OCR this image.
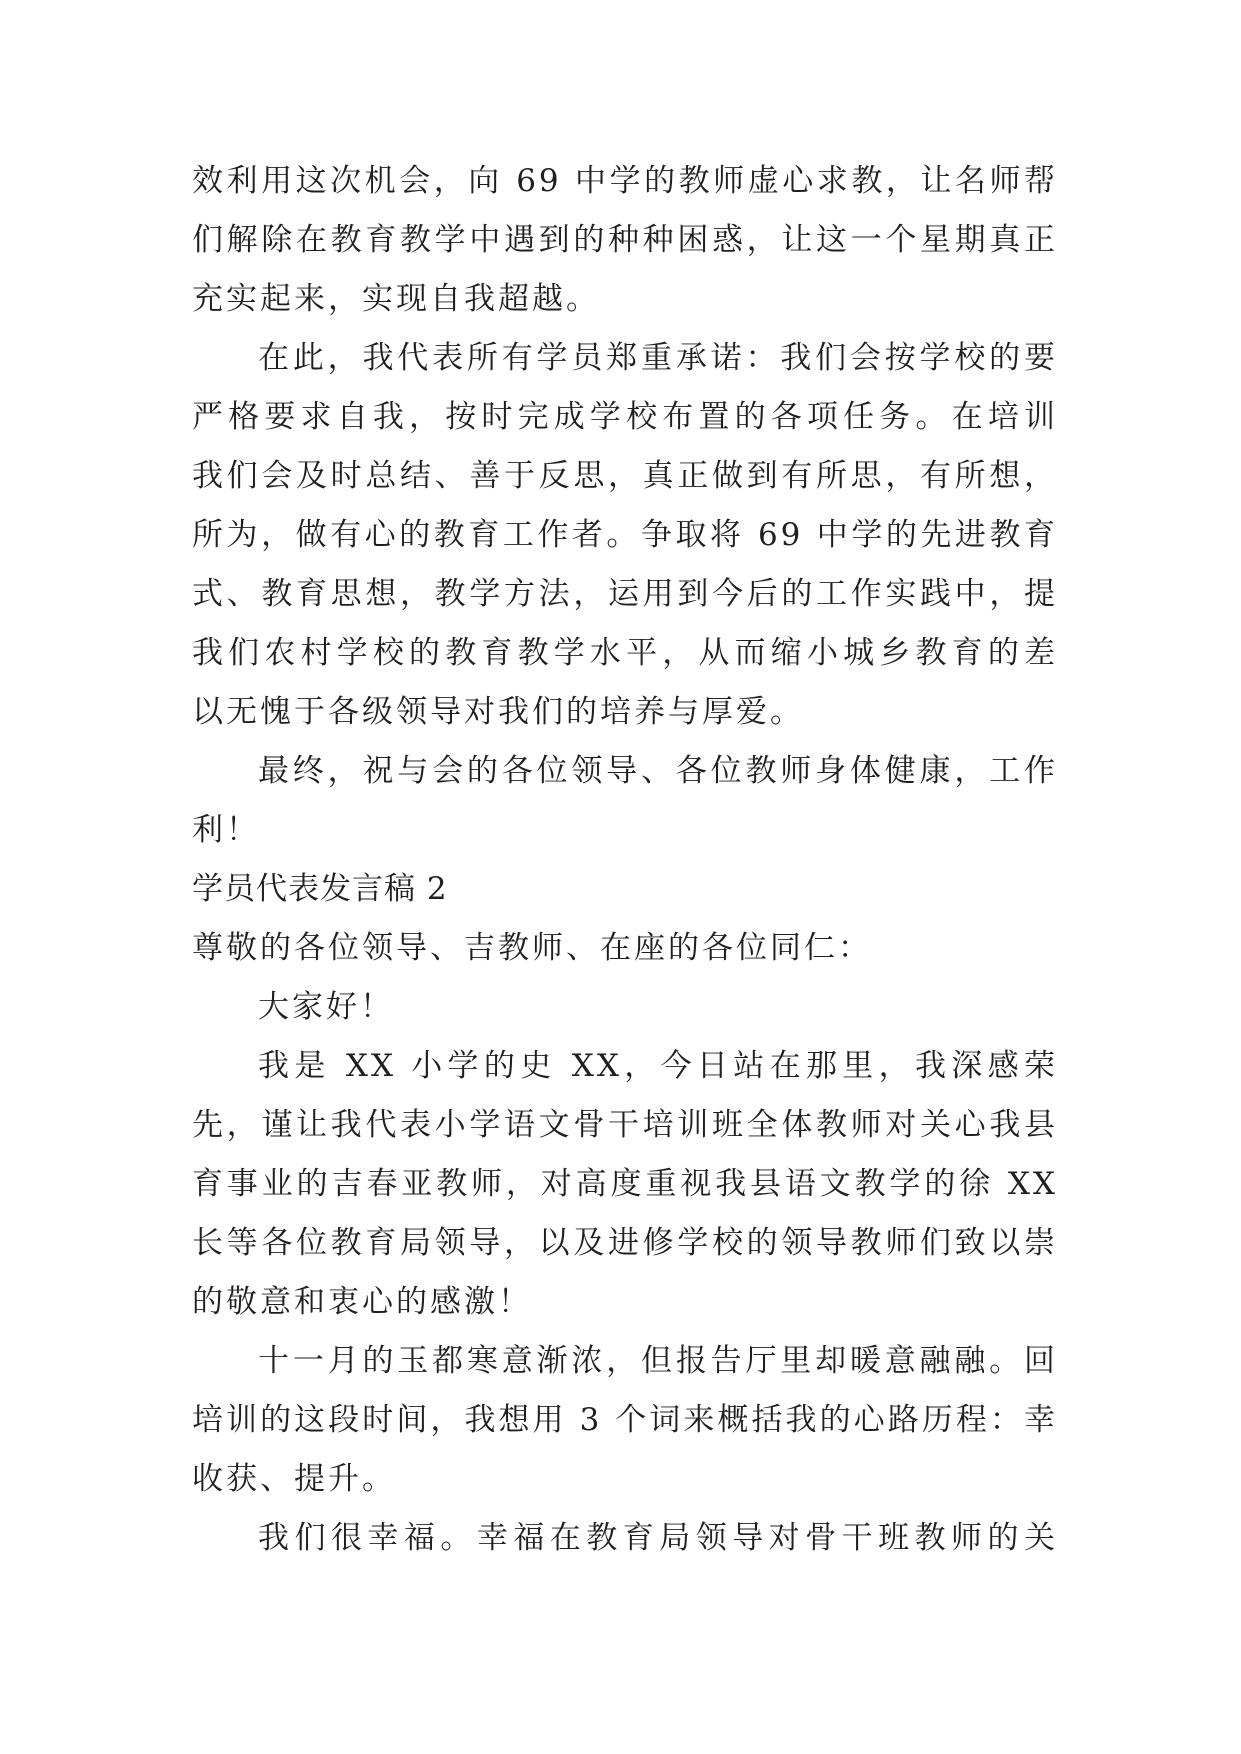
效利用这次机会，向 69 中学的教师虚心求教，让名师帮

们解除在教育教学中遇到的种种困惑，让这一个星期真正

充实起来，实现自我超越。

在此，我代表所有学员郑重承诺：我们会按学校的要

严格要求自我，按时完成学校布置的各项任务。在培训

我们会及时总结、善于反思，真正做到有所思，有所想，

所为，做有心的教育工作者。争取将 69 中学的先进教育

式、教育思想，教学方法，运用到今后的工作实践中，提

我们农村学校的教育教学水平，从而缩小城乡教育的差

以无愧于各级领导对我们的培养与厚爱。

最终，祝与会的各位领导、各位教师身体健康，工作

利！

学员代表发言稿 2

尊敬的各位领导、吉教师、在座的各位同仁：

大家好！

我是 XX 小学的史 XX，今日站在那里，我深感荣

先，谨让我代表小学语文骨干培训班全体教师对关心我县

育事业的吉春亚教师，对高度重视我县语文教学的徐 XX

长等各位教育局领导，以及进修学校的领导教师们致以崇

的敬意和衷心的感激！

十一月的玉都寒意渐浓，但报告厅里却暖意融融。回

培训的这段时间，我想用 3 个词来概括我的心路历程：幸

收获、提升。

我们很幸福。幸福在教育局领导对骨干班教师的关
